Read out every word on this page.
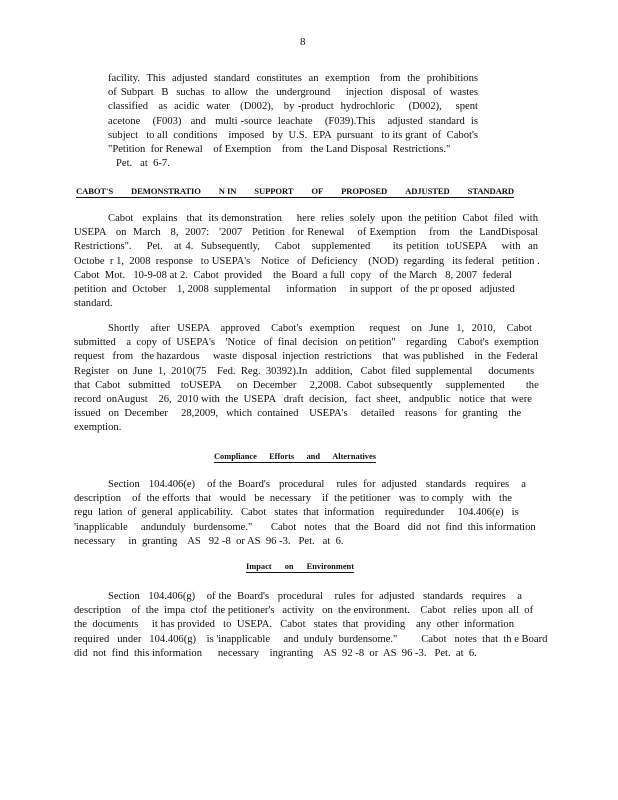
8
facility.  This  adjusted  standard  constitutes  an  exemption   from  the  prohibitions
of Subpart  B  suchas  to allow  the  underground    injection  disposal  of  wastes
classified   as  acidic  water   (D002),   by -product  hydrochloric    (D002),    spent
acetone    (F003)   and   multi -source  leachate    (F039).This    adjusted  standard  is
subject   to all  conditions    imposed   by  U.S.  EPA  pursuant   to its grant  of  Cabot's
"Petition  for Renewal    of Exemption    from   the Land Disposal  Restrictions."
Pet.   at  6-7.
CABOT'S DEMONSTRATIO N IN SUPPORT OF PROPOSED ADJUSTED STANDARD
Cabot   explains   that  its demonstration     here  relies  solely  upon  the petition  Cabot  filed  with
USEPA   on  March   8,  2007:   '2007   Petition  for Renewal    of Exemption    from   the  LandDisposal
Restrictions".    Pet.   at 4.  Subsequently,    Cabot   supplemented      its petition  toUSEPA    with  an
Octobe  r 1,  2008  response   to USEPA's    Notice   of  Deficiency    (NOD)  regarding   its federal   petition .
Cabot  Mot.   10-9-08 at 2.  Cabot  provided    the  Board  a full  copy   of  the March   8, 2007  federal
petition  and  October    1, 2008  supplemental      information     in support   of  the pr oposed   adjusted
standard.
Shortly   after  USEPA   approved   Cabot's  exemption    request   on  June  1,  2010,   Cabot
submitted    a  copy  of  USEPA's    'Notice   of  final  decision   on petition"    regarding    Cabot's  exemption
request   from   the hazardous     waste  disposal  injection  restrictions    that  was published    in  the  Federal
Register   on  June  1,  2010(75    Fed.  Reg.  30392).In   addition,   Cabot  filed  supplemental      documents
that  Cabot   submitted    toUSEPA      on  December     2,2008.  Cabot  subsequently     supplemented        the
record  onAugust    26,  2010 with  the  USEPA   draft  decision,   fact  sheet,   andpublic   notice  that  were
issued   on  December     28,2009,   which  contained    USEPA's     detailed    reasons   for  granting    the
exemption.
Compliance Efforts and Alternatives
Section   104.406(e)    of the  Board's   procedural    rules  for  adjusted   standards   requires    a
description    of  the efforts  that   would   be  necessary    if  the petitioner   was  to comply   with   the
regu  lation  of  general  applicability.   Cabot   states  that  information    requiredunder     104.406(e)   is
'inapplicable     andunduly   burdensome."       Cabot   notes   that  the  Board   did  not  find  this information
necessary     in  granting    AS   92 -8  or AS  96 -3.   Pet.   at  6.
Impact on Environment
Section   104.406(g)    of the  Board's   procedural    rules  for  adjusted   standards   requires    a
description    of  the  impa  ctof  the petitioner's   activity   on  the environment.    Cabot   relies  upon  all  of
the  documents     it has provided   to  USEPA.   Cabot   states  that  providing    any  other  information
required   under   104.406(g)    is 'inapplicable     and  unduly  burdensome."         Cabot   notes  that  th e Board
did  not  find  this information      necessary    ingranting    AS  92 -8  or  AS  96 -3.   Pet.  at  6.
